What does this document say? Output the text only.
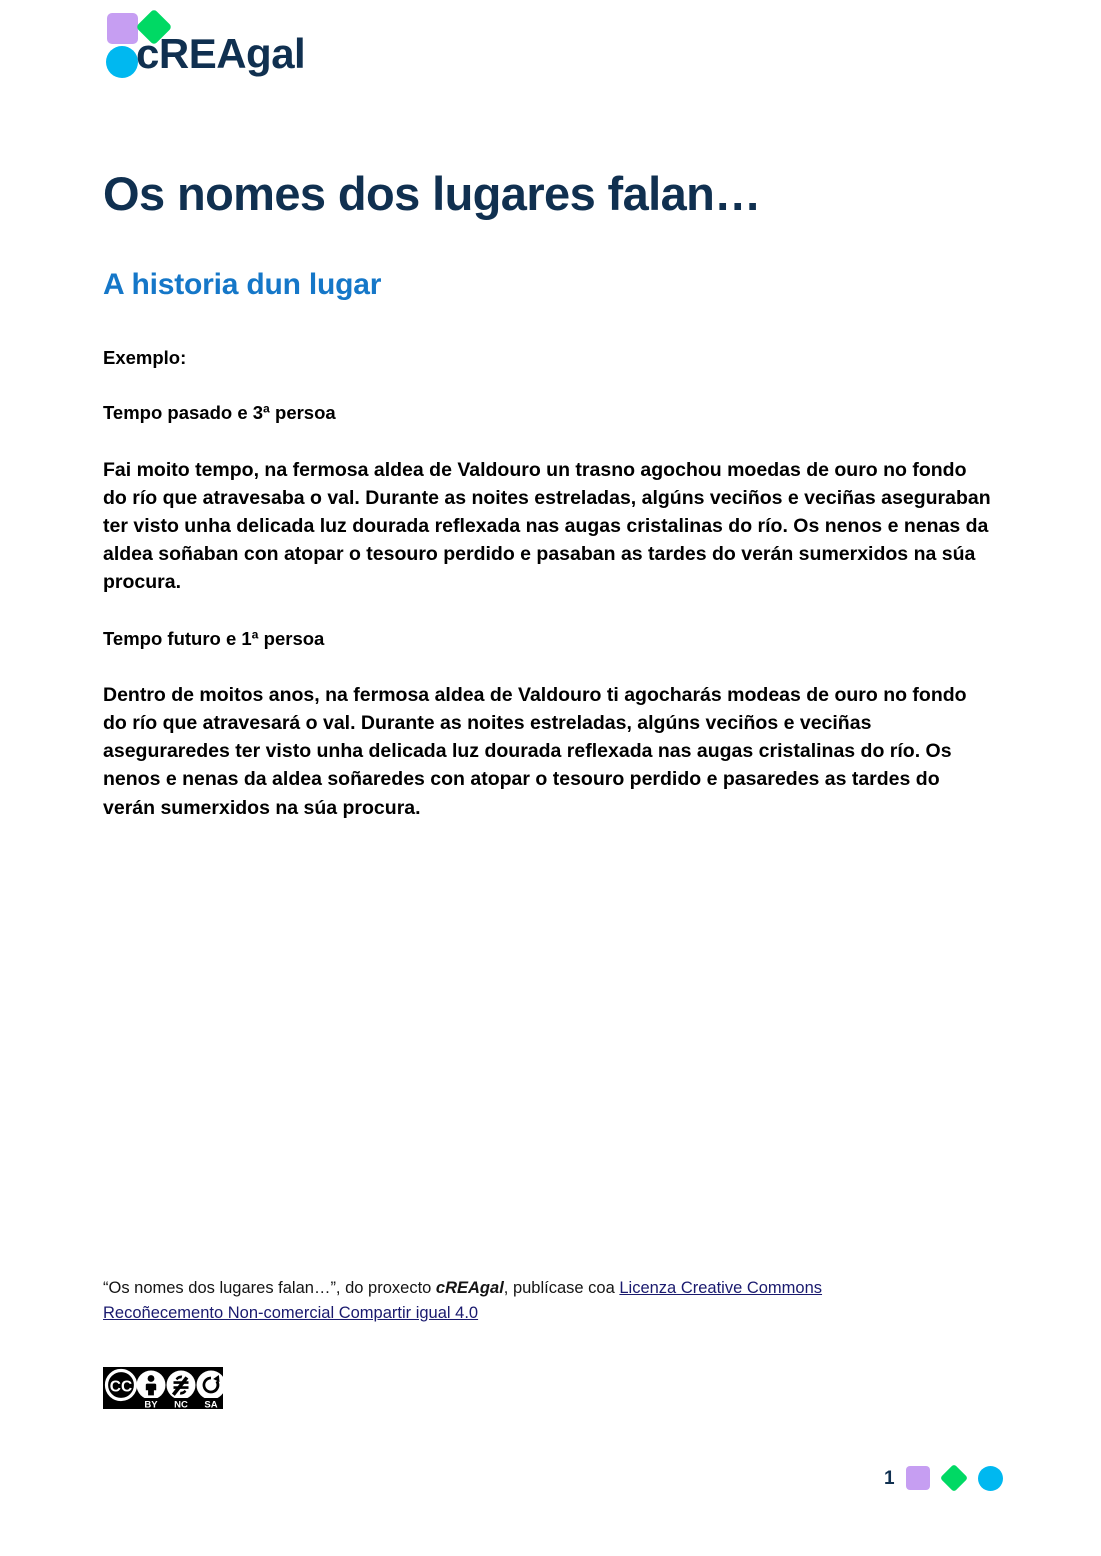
cREAgal
Os nomes dos lugares falan…
A historia dun lugar

Exemplo:

Tempo pasado e 3ª persoa

Fai moito tempo, na fermosa aldea de Valdouro un trasno agochou moedas de ouro no fondo do río que atravesaba o val. Durante as noites estreladas, algúns veciños e veciñas aseguraban ter visto unha delicada luz dourada reflexada nas augas cristalinas do río. Os nenos e nenas da aldea soñaban con atopar o tesouro perdido e pasaban as tardes do verán sumerxidos na súa procura.

Tempo futuro e 1ª persoa

Dentro de moitos anos, na fermosa aldea de Valdouro ti agocharás modeas de ouro no fondo do río que atravesará o val. Durante as noites estreladas, algúns veciños e veciñas aseguraredes ter visto unha delicada luz dourada reflexada nas augas cristalinas do río. Os nenos e nenas da aldea soñaredes con atopar o tesouro perdido e pasaredes as tardes do verán sumerxidos na súa procura.

“Os nomes dos lugares falan…”, do proxecto cREAgal, publícase coa Licenza Creative Commons Recoñecemento Non-comercial Compartir igual 4.0
CC
BY NC SA
1
